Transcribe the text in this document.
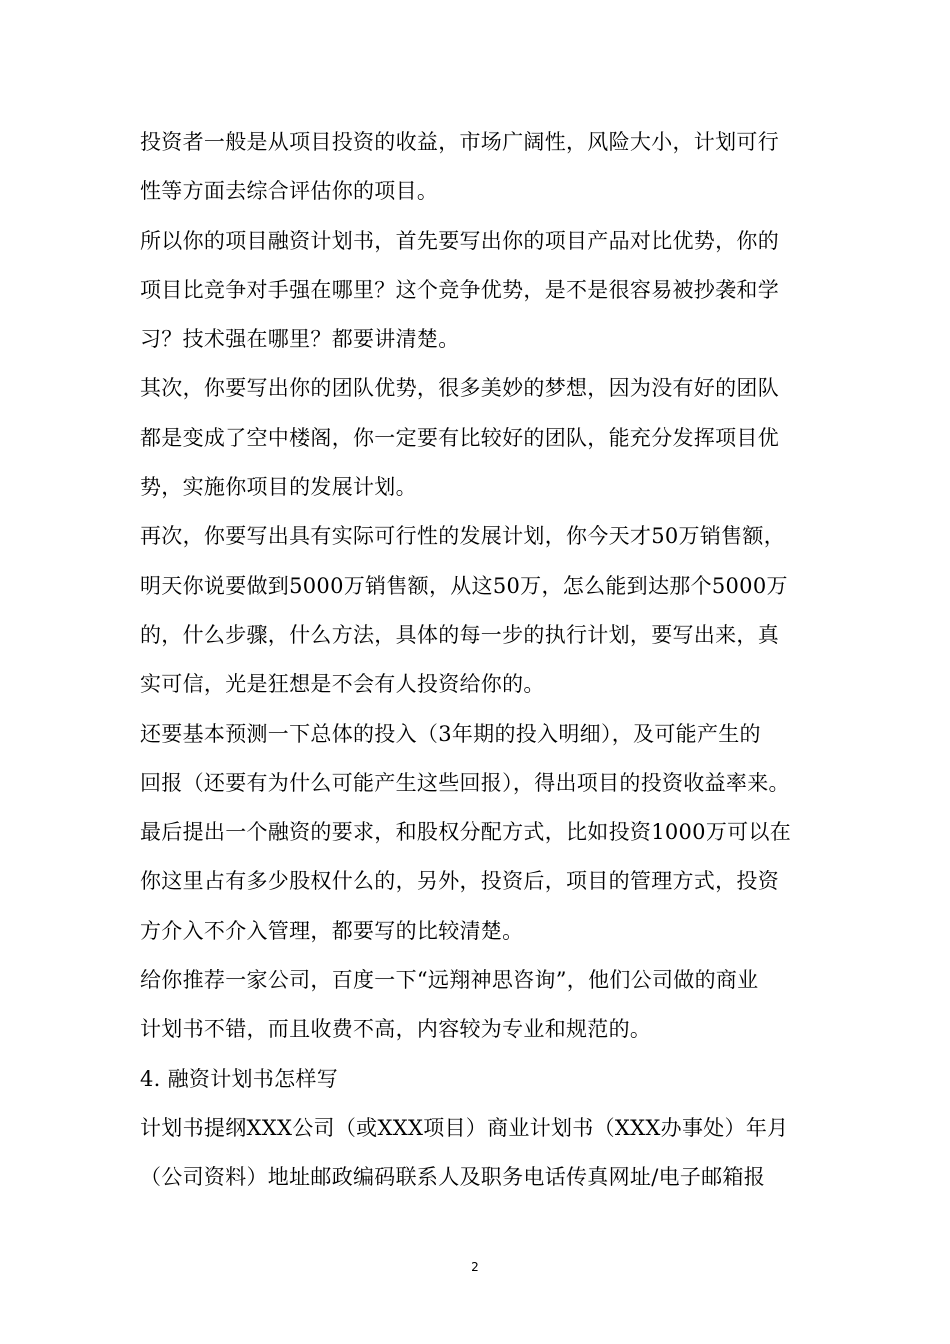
投资者一般是从项目投资的收益，市场广阔性，风险大小，计划可行
性等方面去综合评估你的项目。
所以你的项目融资计划书，首先要写出你的项目产品对比优势，你的
项目比竞争对手强在哪里？这个竞争优势，是不是很容易被抄袭和学
习？技术强在哪里？都要讲清楚。
其次，你要写出你的团队优势，很多美妙的梦想，因为没有好的团队
都是变成了空中楼阁，你一定要有比较好的团队，能充分发挥项目优
势，实施你项目的发展计划。
再次，你要写出具有实际可行性的发展计划，你今天才50万销售额，
明天你说要做到5000万销售额，从这50万，怎么能到达那个5000万
的，什么步骤，什么方法，具体的每一步的执行计划，要写出来，真
实可信，光是狂想是不会有人投资给你的。
还要基本预测一下总体的投入（3年期的投入明细），及可能产生的
回报（还要有为什么可能产生这些回报），得出项目的投资收益率来。
最后提出一个融资的要求，和股权分配方式，比如投资1000万可以在
你这里占有多少股权什么的，另外，投资后，项目的管理方式，投资
方介入不介入管理，都要写的比较清楚。
给你推荐一家公司，百度一下“远翔神思咨询”，他们公司做的商业
计划书不错，而且收费不高，内容较为专业和规范的。
4. 融资计划书怎样写
计划书提纲XXX公司（或XXX项目）商业计划书（XXX办事处）年月
（公司资料）地址邮政编码联系人及职务电话传真网址/电子邮箱报
2
